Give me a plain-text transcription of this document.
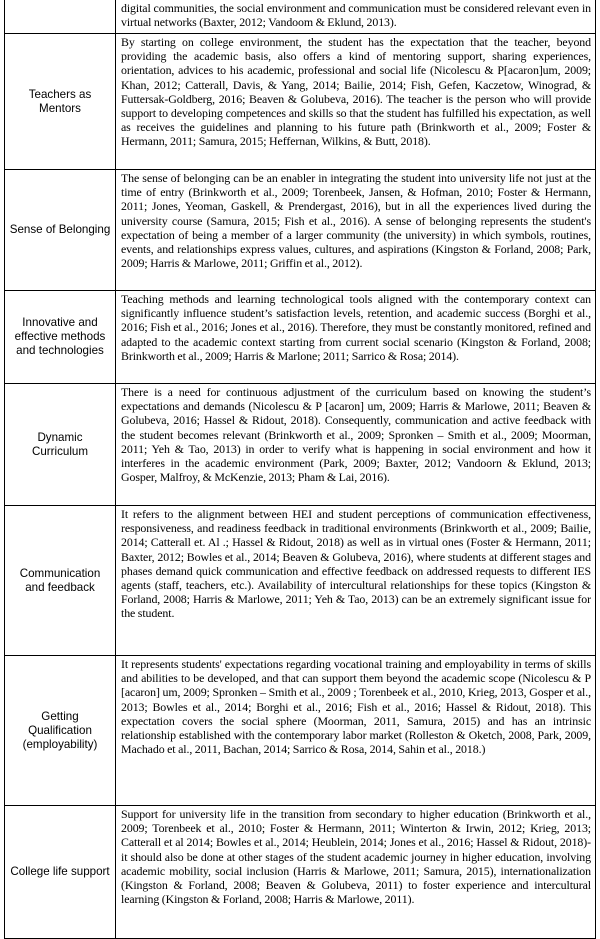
	digital communities, the social environment and communication must be considered relevant even in virtual networks (Baxter, 2012; Vandoom & Eklund, 2013).

Teachers as Mentors	By starting on college environment, the student has the expectation that the teacher, beyond providing the academic basis, also offers a kind of mentoring support, sharing experiences, orientation, advices to his academic, professional and social life (Nicolescu & P[acaron]um, 2009; Khan, 2012; Catterall, Davis, & Yang, 2014; Bailie, 2014; Fish, Gefen, Kaczetow, Winograd, & Futtersak-Goldberg, 2016; Beaven & Golubeva, 2016). The teacher is the person who will provide support to developing competences and skills so that the student has fulfilled his expectation, as well as receives the guidelines and planning to his future path (Brinkworth et al., 2009; Foster & Hermann, 2011; Samura, 2015; Heffernan, Wilkins, & Butt, 2018).

Sense of Belonging	The sense of belonging can be an enabler in integrating the student into university life not just at the time of entry (Brinkworth et al., 2009; Torenbeek, Jansen, & Hofman, 2010; Foster & Hermann, 2011; Jones, Yeoman, Gaskell, & Prendergast, 2016), but in all the experiences lived during the university course (Samura, 2015; Fish et al., 2016). A sense of belonging represents the student's expectation of being a member of a larger community (the university) in which symbols, routines, events, and relationships express values, cultures, and aspirations (Kingston & Forland, 2008; Park, 2009; Harris & Marlowe, 2011; Griffin et al., 2012).

Innovative and effective methods and technologies	Teaching methods and learning technological tools aligned with the contemporary context can significantly influence student’s satisfaction levels, retention, and academic success (Borghi et al., 2016; Fish et al., 2016; Jones et al., 2016). Therefore, they must be constantly monitored, refined and adapted to the academic context starting from current social scenario (Kingston & Forland, 2008; Brinkworth et al., 2009; Harris & Marlone; 2011; Sarrico & Rosa; 2014).

Dynamic Curriculum	There is a need for continuous adjustment of the curriculum based on knowing the student’s expectations and demands (Nicolescu & P [acaron] um, 2009; Harris & Marlowe, 2011; Beaven & Golubeva, 2016; Hassel & Ridout, 2018). Consequently, communication and active feedback with the student becomes relevant (Brinkworth et al., 2009; Spronken – Smith et al., 2009; Moorman, 2011; Yeh & Tao, 2013) in order to verify what is happening in social environment and how it interferes in the academic environment (Park, 2009; Baxter, 2012; Vandoorn & Eklund, 2013; Gosper, Malfroy, & McKenzie, 2013; Pham & Lai, 2016).

Communication and feedback	It refers to the alignment between HEI and student perceptions of communication effectiveness, responsiveness, and readiness feedback in traditional environments (Brinkworth et al., 2009; Bailie, 2014; Catterall et. Al .; Hassel & Ridout, 2018) as well as in virtual ones (Foster & Hermann, 2011; Baxter, 2012; Bowles et al., 2014; Beaven & Golubeva, 2016), where students at different stages and phases demand quick communication and effective feedback on addressed requests to different IES agents (staff, teachers, etc.). Availability of intercultural relationships for these topics (Kingston & Forland, 2008; Harris & Marlowe, 2011; Yeh & Tao, 2013) can be an extremely significant issue for the student.

Getting Qualification (employability)	It represents students' expectations regarding vocational training and employability in terms of skills and abilities to be developed, and that can support them beyond the academic scope (Nicolescu & P [acaron] um, 2009; Spronken – Smith et al., 2009 ; Torenbeek et al., 2010, Krieg, 2013, Gosper et al., 2013; Bowles et al., 2014; Borghi et al., 2016; Fish et al., 2016; Hassel & Ridout, 2018). This expectation covers the social sphere (Moorman, 2011, Samura, 2015) and has an intrinsic relationship established with the contemporary labor market (Rolleston & Oketch, 2008, Park, 2009, Machado et al., 2011, Bachan, 2014; Sarrico & Rosa, 2014, Sahin et al., 2018.)

College life support	Support for university life in the transition from secondary to higher education (Brinkworth et al., 2009; Torenbeek et al., 2010; Foster & Hermann, 2011; Winterton & Irwin, 2012; Krieg, 2013; Catterall et al 2014; Bowles et al., 2014; Heublein, 2014; Jones et al., 2016; Hassel & Ridout, 2018)- it should also be done at other stages of the student academic journey in higher education, involving academic mobility, social inclusion (Harris & Marlowe, 2011; Samura, 2015), internationalization (Kingston & Forland, 2008; Beaven & Golubeva, 2011) to foster experience and intercultural learning (Kingston & Forland, 2008; Harris & Marlowe, 2011).
